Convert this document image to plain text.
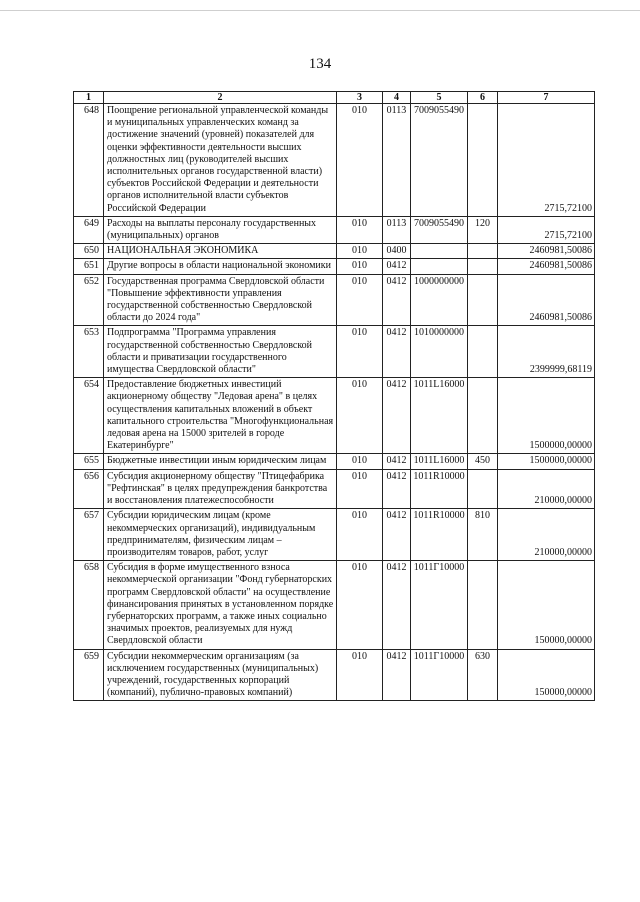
134
1	2	3	4	5	6	7
648	Поощрение региональной управленческой команды и муниципальных управленческих команд за достижение значений (уровней) показателей для оценки эффективности деятельности высших должностных лиц (руководителей высших исполнительных органов государственной власти) субъектов Российской Федерации и деятельности органов исполнительной власти субъектов Российской Федерации	010	0113	7009055490		2715,72100
649	Расходы на выплаты персоналу государственных (муниципальных) органов	010	0113	7009055490	120	2715,72100
650	НАЦИОНАЛЬНАЯ ЭКОНОМИКА	010	0400			2460981,50086
651	Другие вопросы в области национальной экономики	010	0412			2460981,50086
652	Государственная программа Свердловской области "Повышение эффективности управления государственной собственностью Свердловской области до 2024 года"	010	0412	1000000000		2460981,50086
653	Подпрограмма "Программа управления государственной собственностью Свердловской области и приватизации государственного имущества Свердловской области"	010	0412	1010000000		2399999,68119
654	Предоставление бюджетных инвестиций акционерному обществу "Ледовая арена" в целях осуществления капитальных вложений в объект капитального строительства "Многофункциональная ледовая арена на 15000 зрителей в городе Екатеринбурге"	010	0412	1011L16000		1500000,00000
655	Бюджетные инвестиции иным юридическим лицам	010	0412	1011L16000	450	1500000,00000
656	Субсидия акционерному обществу "Птицефабрика "Рефтинская" в целях предупреждения банкротства и восстановления платежеспособности	010	0412	1011R10000		210000,00000
657	Субсидии юридическим лицам (кроме некоммерческих организаций), индивидуальным предпринимателям, физическим лицам – производителям товаров, работ, услуг	010	0412	1011R10000	810	210000,00000
658	Субсидия в форме имущественного взноса некоммерческой организации "Фонд губернаторских программ Свердловской области" на осуществление финансирования принятых в установленном порядке губернаторских программ, а также иных социально значимых проектов, реализуемых для нужд Свердловской области	010	0412	1011Г10000		150000,00000
659	Субсидии некоммерческим организациям (за исключением государственных (муниципальных) учреждений, государственных корпораций (компаний), публично-правовых компаний)	010	0412	1011Г10000	630	150000,00000
